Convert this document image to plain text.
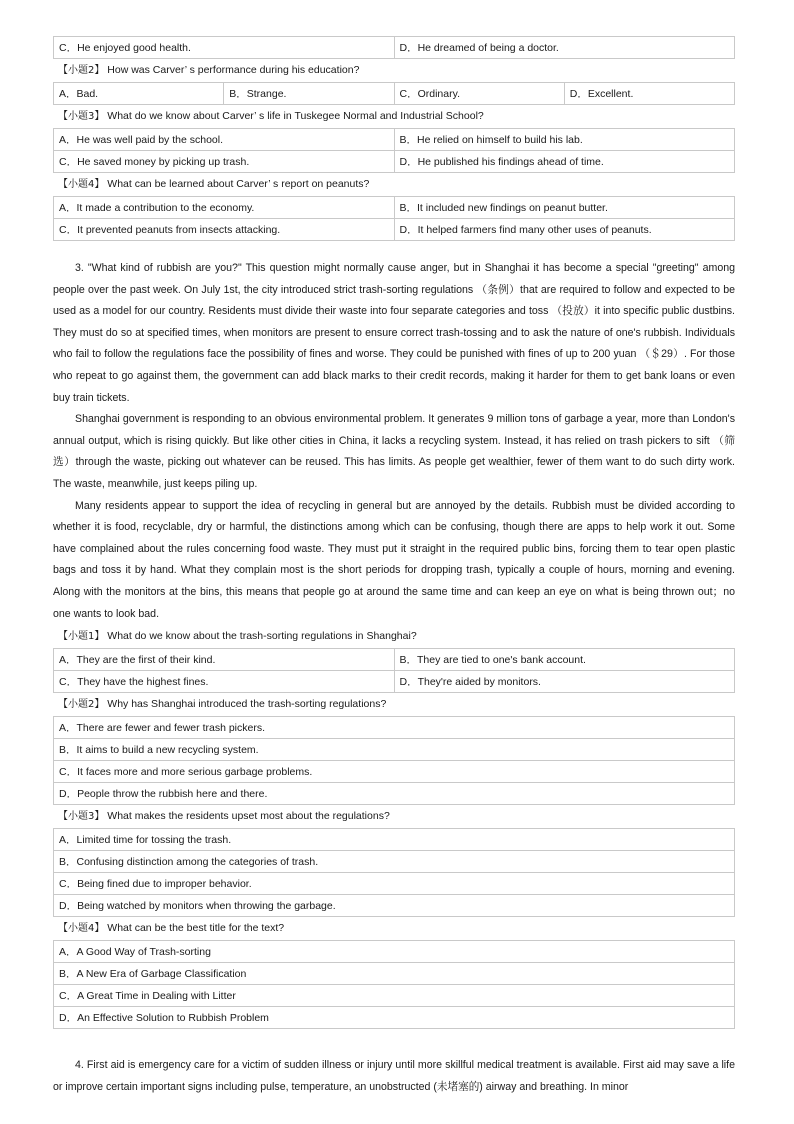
C．He enjoyed good health.	D．He dreamed of being a doctor.
【小题2】 How was Carver’ s performance during his education?
A．Bad.	B．Strange.	C．Ordinary.	D．Excellent.
【小题3】 What do we know about Carver’ s life in Tuskegee Normal and Industrial School?
A．He was well paid by the school.	B．He relied on himself to build his lab.
C．He saved money by picking up trash.	D．He published his findings ahead of time.
【小题4】 What can be learned about Carver’ s report on peanuts?
A．It made a contribution to the economy.	B．It included new findings on peanut butter.
C．It prevented peanuts from insects attacking.	D．It helped farmers find many other uses of peanuts.

3. "What kind of rubbish are you?" This question might normally cause anger, but in Shanghai it has become a special "greeting" among people over the past week. On July 1st, the city introduced strict trash-sorting regulations （条例）that are required to follow and expected to be used as a model for our country. Residents must divide their waste into four separate categories and toss （投放）it into specific public dustbins. They must do so at specified times, when monitors are present to ensure correct trash-tossing and to ask the nature of one's rubbish. Individuals who fail to follow the regulations face the possibility of fines and worse. They could be punished with fines of up to 200 yuan （＄29）. For those who repeat to go against them, the government can add black marks to their credit records, making it harder for them to get bank loans or even buy train tickets.

Shanghai government is responding to an obvious environmental problem. It generates 9 million tons of garbage a year, more than London's annual output, which is rising quickly. But like other cities in China, it lacks a recycling system. Instead, it has relied on trash pickers to sift （筛选）through the waste, picking out whatever can be reused. This has limits. As people get wealthier, fewer of them want to do such dirty work. The waste, meanwhile, just keeps piling up.

Many residents appear to support the idea of recycling in general but are annoyed by the details. Rubbish must be divided according to whether it is food, recyclable, dry or harmful, the distinctions among which can be confusing, though there are apps to help work it out. Some have complained about the rules concerning food waste. They must put it straight in the required public bins, forcing them to tear open plastic bags and toss it by hand. What they complain most is the short periods for dropping trash, typically a couple of hours, morning and evening. Along with the monitors at the bins, this means that people go at around the same time and can keep an eye on what is being thrown out；no one wants to look bad.

【小题1】 What do we know about the trash-sorting regulations in Shanghai?
A．They are the first of their kind.	B．They are tied to one's bank account.
C．They have the highest fines.	D．They're aided by monitors.
【小题2】 Why has Shanghai introduced the trash-sorting regulations?
A．There are fewer and fewer trash pickers.
B．It aims to build a new recycling system.
C．It faces more and more serious garbage problems.
D．People throw the rubbish here and there.
【小题3】 What makes the residents upset most about the regulations?
A．Limited time for tossing the trash.
B．Confusing distinction among the categories of trash.
C．Being fined due to improper behavior.
D．Being watched by monitors when throwing the garbage.
【小题4】 What can be the best title for the text?
A．A Good Way of Trash-sorting
B．A New Era of Garbage Classification
C．A Great Time in Dealing with Litter
D．An Effective Solution to Rubbish Problem

4. First aid is emergency care for a victim of sudden illness or injury until more skillful medical treatment is available. First aid may save a life or improve certain important signs including pulse, temperature, an unobstructed (未堵塞的) airway and breathing. In minor
